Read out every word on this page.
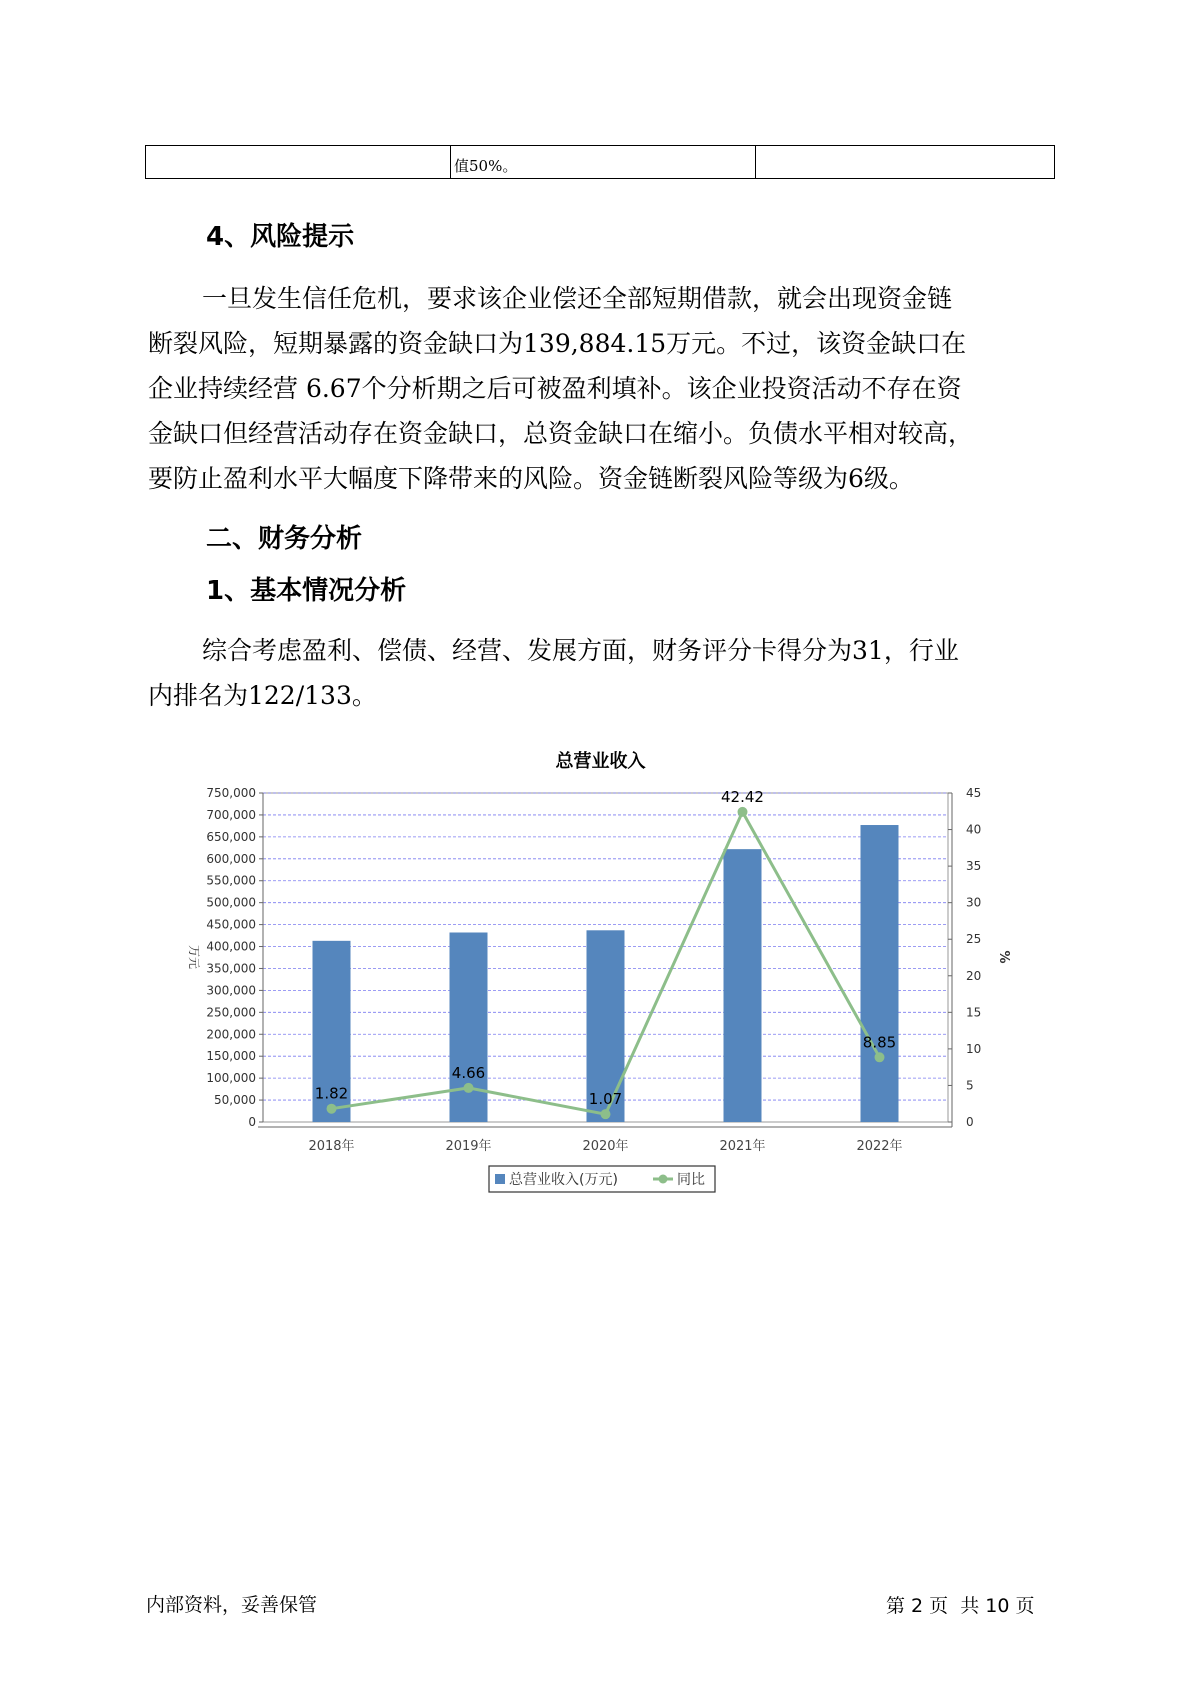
	值50%。	
4、风险提示
一旦发生信任危机，要求该企业偿还全部短期借款，就会出现资金链
断裂风险，短期暴露的资金缺口为139,884.15万元。不过，该资金缺口在
企业持续经营 6.67个分析期之后可被盈利填补。该企业投资活动不存在资
金缺口但经营活动存在资金缺口，总资金缺口在缩小。负债水平相对较高，
要防止盈利水平大幅度下降带来的风险。资金链断裂风险等级为6级。
二、财务分析
1、基本情况分析
综合考虑盈利、偿债、经营、发展方面，财务评分卡得分为31，行业
内排名为122/133。
总营业收入
750,000
700,000
650,000
600,000
550,000
500,000
450,000
400,000
350,000
300,000
250,000
200,000
150,000
100,000
50,000
0
45
40
35
30
25
20
15
10
5
0
万元	%
2018年	2019年	2020年	2021年	2022年
1.82
4.66
1.07
42.42
8.85
总营业收入(万元)	同比
内部资料，妥善保管	第 2 页  共 10 页
